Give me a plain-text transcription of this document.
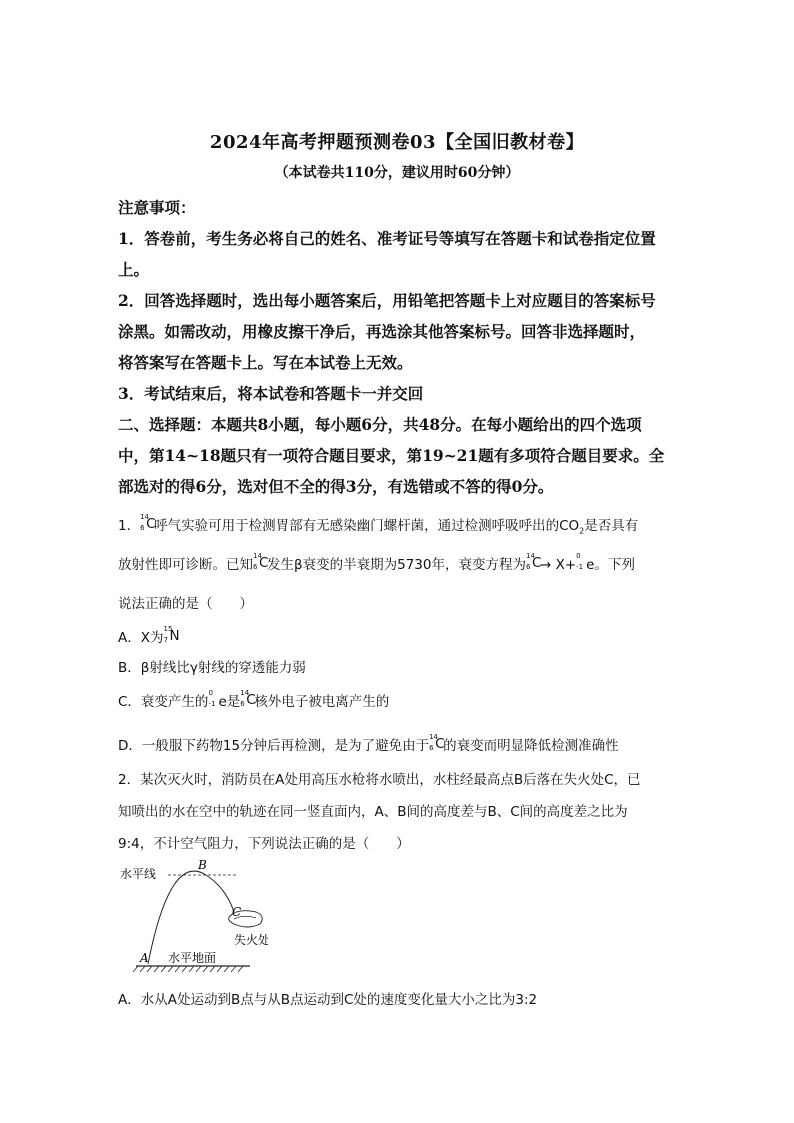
2024年高考押题预测卷03【全国旧教材卷】
（本试卷共110分，建议用时60分钟）
注意事项：
1．答卷前，考生务必将自己的姓名、准考证号等填写在答题卡和试卷指定位置
上。
2．回答选择题时，选出每小题答案后，用铅笔把答题卡上对应题目的答案标号
涂黑。如需改动，用橡皮擦干净后，再选涂其他答案标号。回答非选择题时，
将答案写在答题卡上。写在本试卷上无效。
3．考试结束后，将本试卷和答题卡一并交回
二、选择题：本题共8小题，每小题6分，共48分。在每小题给出的四个选项
中，第14~18题只有一项符合题目要求，第19~21题有多项符合题目要求。全
部选对的得6分，选对但不全的得3分，有选错或不答的得0分。
1．
14
6 C
呼气实验可用于检测胃部有无感染幽门螺杆菌，通过检测呼吸呼出的$CO_2$是否具有
放射性即可诊断。已知
14
6 C
发生β衰变的半衰期为5730年，衰变方程为
14
6 C
→ X+
0
-1 e。下列
说法正确的是（　　）
A．X为
15
7 N
B．β射线比γ射线的穿透能力弱
C．衰变产生的
0
-1 e是
14
6 C
核外电子被电离产生的
D．一般服下药物15分钟后再检测，是为了避免由于
14
6 C
的衰变而明显降低检测准确性
2．某次灭火时，消防员在A处用高压水枪将水喷出，水柱经最高点B后落在失火处C，已
知喷出的水在空中的轨迹在同一竖直面内，A、B间的高度差与B、C间的高度差之比为
9:4，不计空气阻力，下列说法正确的是（　　）
水平线
B
C
失火处
A 水平地面
A．水从A处运动到B点与从B点运动到C处的速度变化量大小之比为3:2
